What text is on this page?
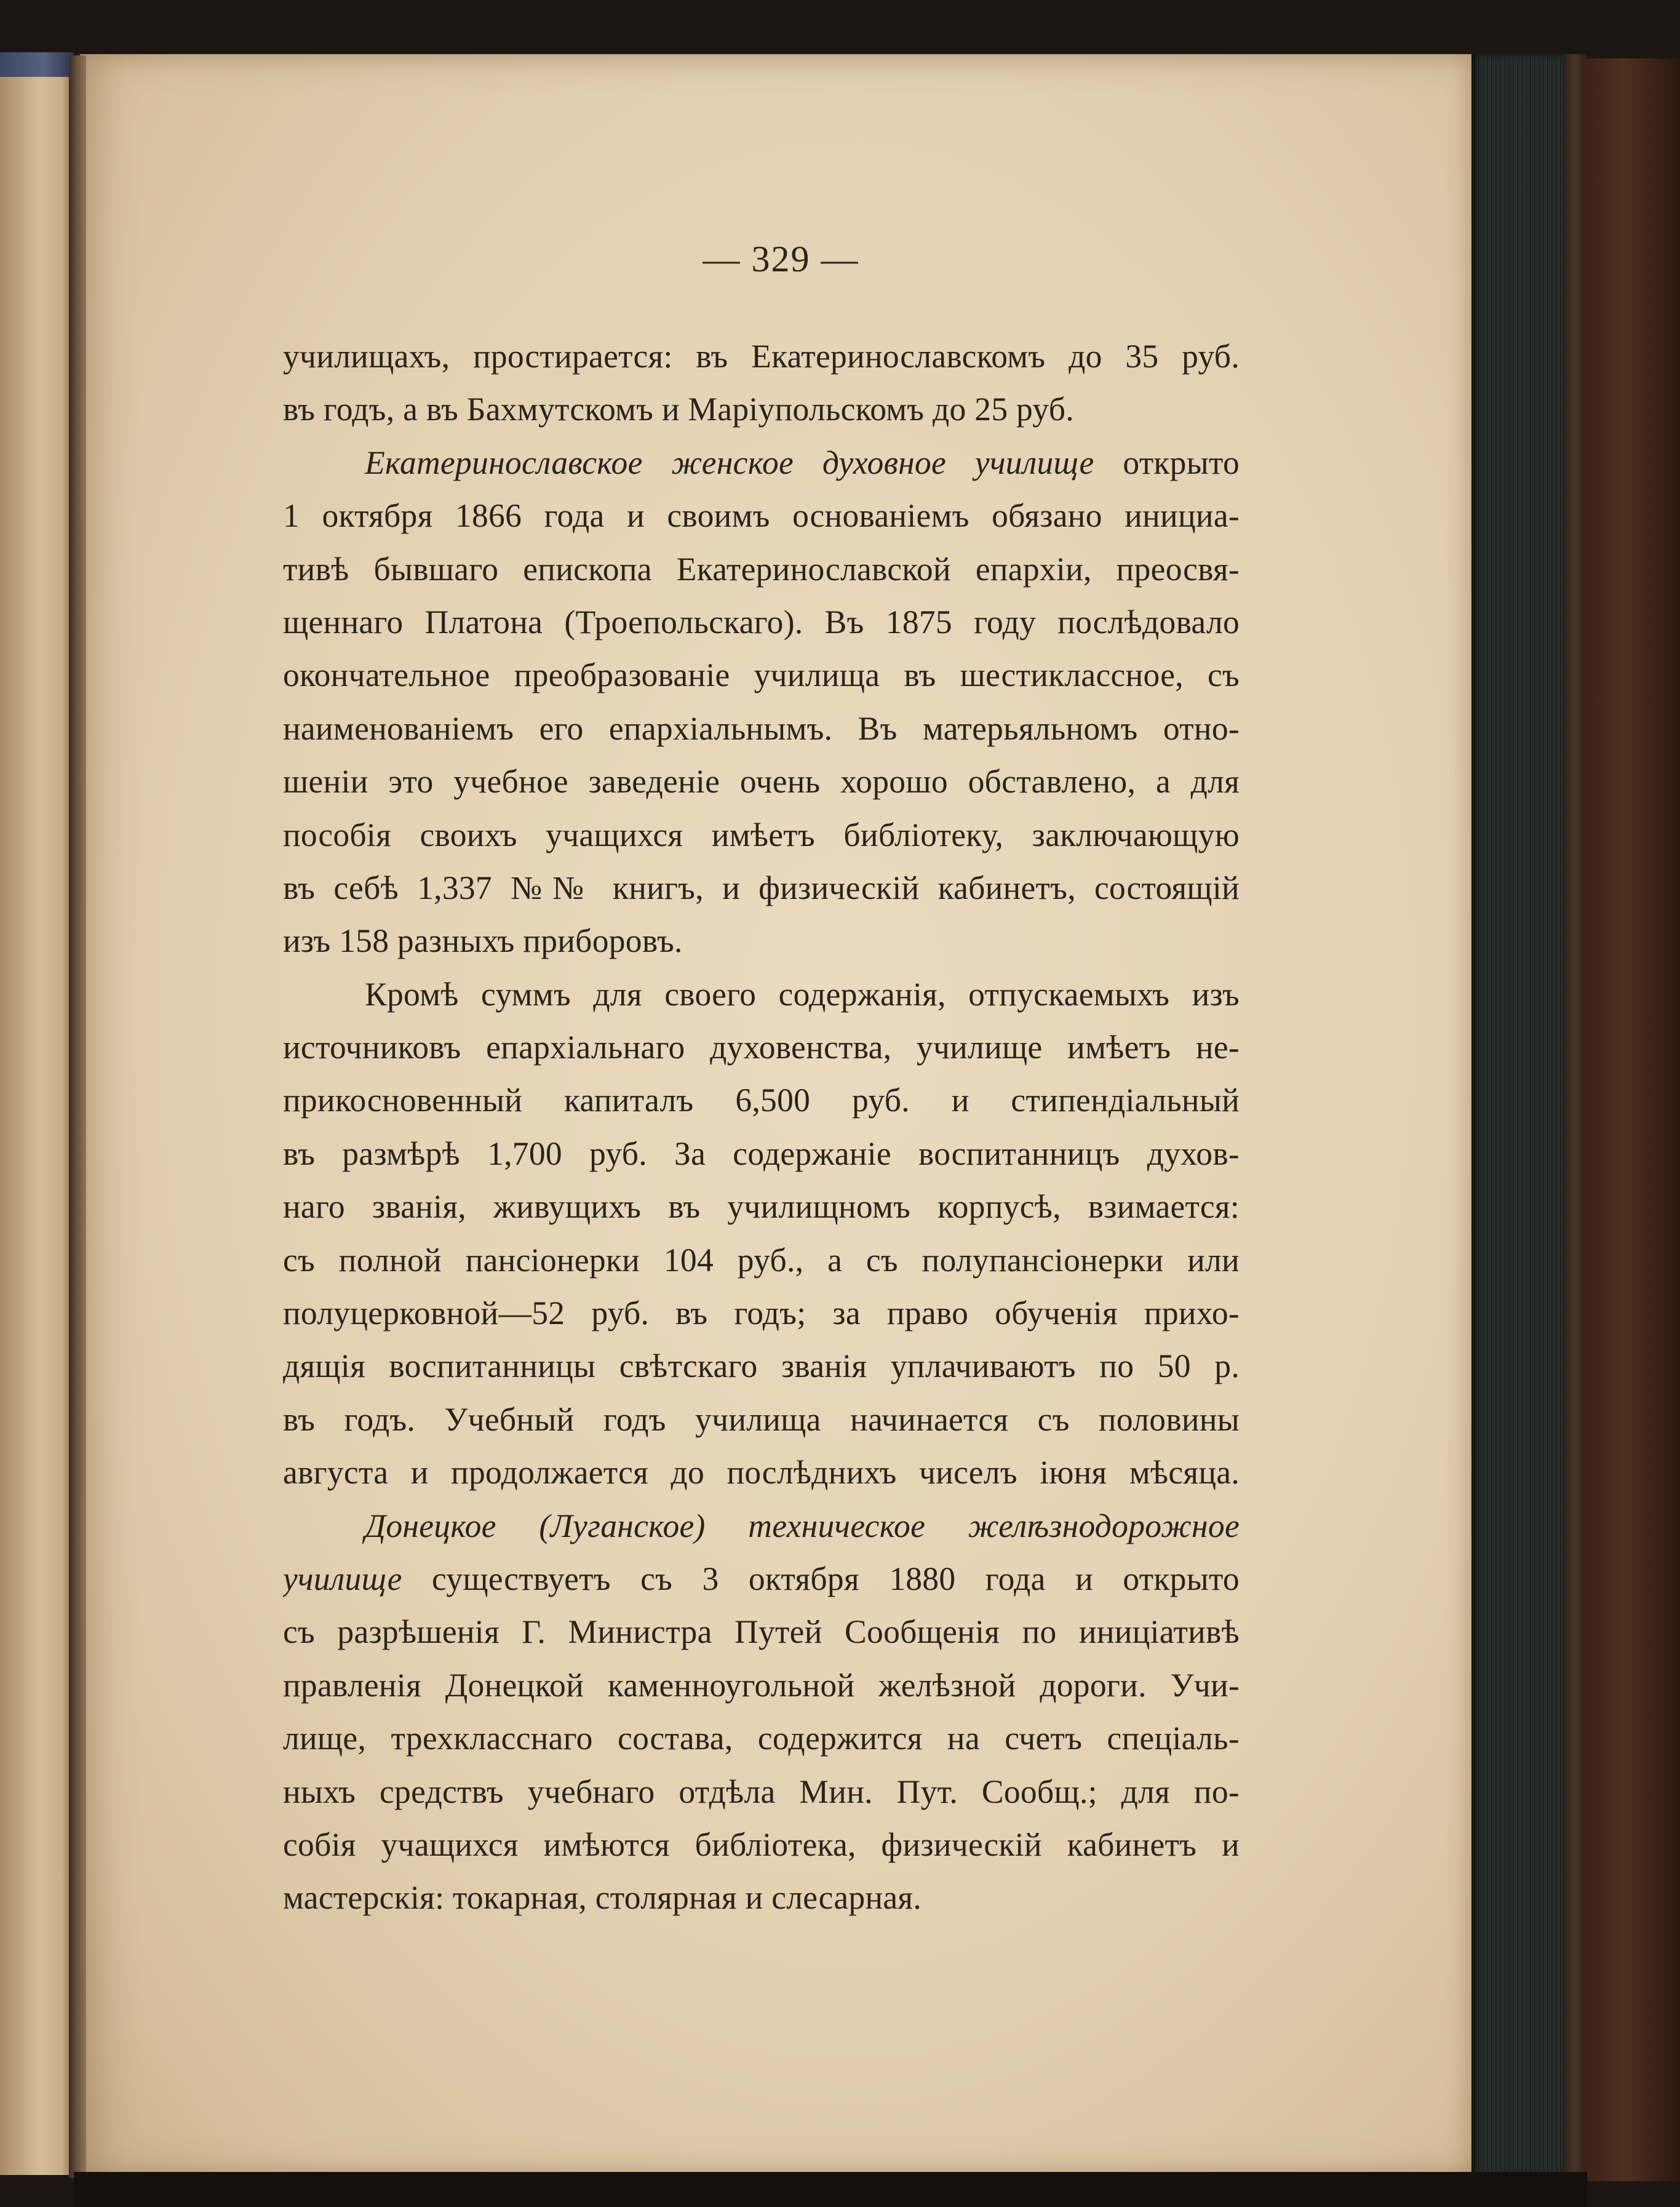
— 329 —
училищахъ, простирается: въ Екатеринославскомъ до 35 руб.
въ годъ, а въ Бахмутскомъ и Маріупольскомъ до 25 руб.
Екатеринославское женское духовное училище открыто
1 октября 1866 года и своимъ основаніемъ обязано инициа-
тивѣ бывшаго епископа Екатеринославской епархіи, преосвя-
щеннаго Платона (Троепольскаго). Въ 1875 году послѣдовало
окончательное преобразованіе училища въ шестиклассное, съ
наименованіемъ его епархіальнымъ. Въ матерьяльномъ отно-
шеніи это учебное заведеніе очень хорошо обставлено, а для
пособія своихъ учащихся имѣетъ библіотеку, заключающую
въ себѣ 1,337 №№ книгъ, и физическій кабинетъ, состоящій
изъ 158 разныхъ приборовъ.
Кромѣ суммъ для своего содержанія, отпускаемыхъ изъ
источниковъ епархіальнаго духовенства, училище имѣетъ не-
прикосновенный капиталъ 6,500 руб. и стипендіальный
въ размѣрѣ 1,700 руб. За содержаніе воспитанницъ духов-
наго званія, живущихъ въ училищномъ корпусѣ, взимается:
съ полной пансіонерки 104 руб., а съ полупансіонерки или
полуцерковной—52 руб. въ годъ; за право обученія прихо-
дящія воспитанницы свѣтскаго званія уплачиваютъ по 50 р.
въ годъ. Учебный годъ училища начинается съ половины
августа и продолжается до послѣднихъ чиселъ іюня мѣсяца.
Донецкое (Луганское) техническое желѣзнодорожное
училище существуетъ съ 3 октября 1880 года и открыто
съ разрѣшенія Г. Министра Путей Сообщенія по иниціативѣ
правленія Донецкой каменноугольной желѣзной дороги. Учи-
лище, трехкласснаго состава, содержится на счетъ спеціаль-
ныхъ средствъ учебнаго отдѣла Мин. Пут. Сообщ.; для по-
собія учащихся имѣются библіотека, физическій кабинетъ и
мастерскія: токарная, столярная и слесарная.
